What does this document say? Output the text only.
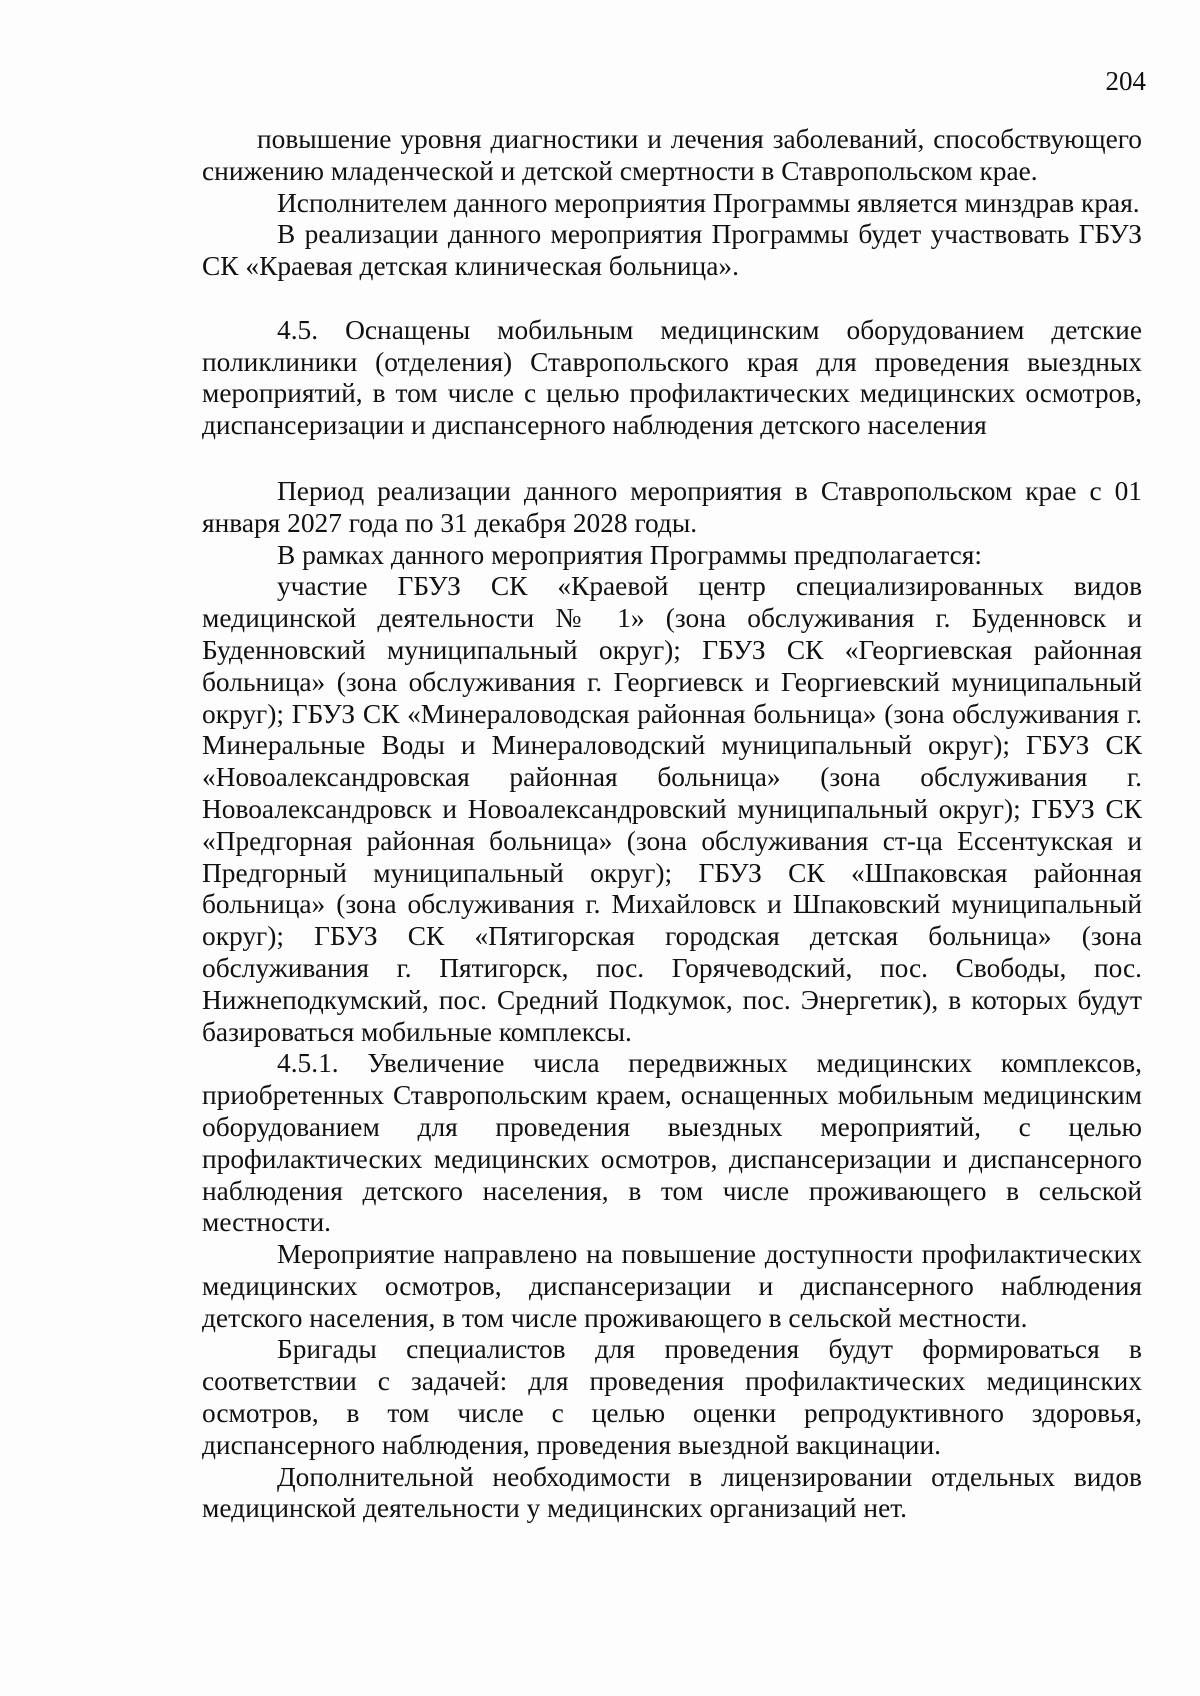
204

повышение уровня диагностики и лечения заболеваний, способствующего снижению младенческой и детской смертности в Ставропольском крае.

Исполнителем данного мероприятия Программы является минздрав края.

В реализации данного мероприятия Программы будет участвовать ГБУЗ СК «Краевая детская клиническая больница».

4.5. Оснащены мобильным медицинским оборудованием детские поликлиники (отделения) Ставропольского края для проведения выездных мероприятий, в том числе с целью профилактических медицинских осмотров, диспансеризации и диспансерного наблюдения детского населения

Период реализации данного мероприятия в Ставропольском крае с 01 января 2027 года по 31 декабря 2028 годы.

В рамках данного мероприятия Программы предполагается:

участие ГБУЗ СК «Краевой центр специализированных видов медицинской деятельности № 1» (зона обслуживания г. Буденновск и Буденновский муниципальный округ); ГБУЗ СК «Георгиевская районная больница» (зона обслуживания г. Георгиевск и Георгиевский муниципальный округ); ГБУЗ СК «Минераловодская районная больница» (зона обслуживания г. Минеральные Воды и Минераловодский муниципальный округ); ГБУЗ СК «Новоалександровская районная больница» (зона обслуживания г. Новоалександровск и Новоалександровский муниципальный округ); ГБУЗ СК «Предгорная районная больница» (зона обслуживания ст-ца Ессентукская и Предгорный муниципальный округ); ГБУЗ СК «Шпаковская районная больница» (зона обслуживания г. Михайловск и Шпаковский муниципальный округ); ГБУЗ СК «Пятигорская городская детская больница» (зона обслуживания г. Пятигорск, пос. Горячеводский, пос. Свободы, пос. Нижнеподкумский, пос. Средний Подкумок, пос. Энергетик), в которых будут базироваться мобильные комплексы.

4.5.1. Увеличение числа передвижных медицинских комплексов, приобретенных Ставропольским краем, оснащенных мобильным медицинским оборудованием для проведения выездных мероприятий, с целью профилактических медицинских осмотров, диспансеризации и диспансерного наблюдения детского населения, в том числе проживающего в сельской местности.

Мероприятие направлено на повышение доступности профилактических медицинских осмотров, диспансеризации и диспансерного наблюдения детского населения, в том числе проживающего в сельской местности.

Бригады специалистов для проведения будут формироваться в соответствии с задачей: для проведения профилактических медицинских осмотров, в том числе с целью оценки репродуктивного здоровья, диспансерного наблюдения, проведения выездной вакцинации.

Дополнительной необходимости в лицензировании отдельных видов медицинской деятельности у медицинских организаций нет.
